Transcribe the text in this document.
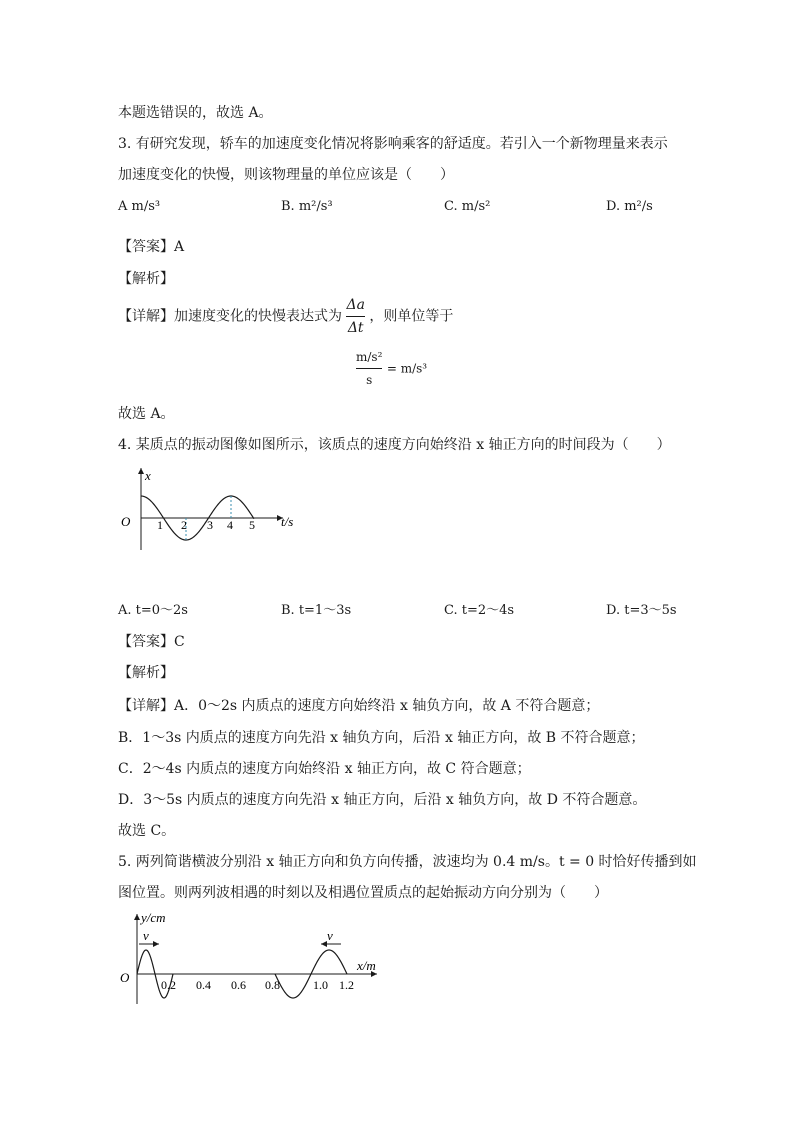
本题选错误的，故选 A。
3. 有研究发现，轿车的加速度变化情况将影响乘客的舒适度。若引入一个新物理量来表示
加速度变化的快慢，则该物理量的单位应该是（　　）
A m/s³	B. m²/s³	C. m/s²	D. m²/s
【答案】A
【解析】
【详解】加速度变化的快慢表达式为 $\frac{\Delta a}{\Delta t}$ ，则单位等于
$\frac{\text{m/s²}}{s} = m/s^3$
故选 A。
4. 某质点的振动图像如图所示，该质点的速度方向始终沿 x 轴正方向的时间段为（　　）
x
O	t/s
1 2 3 4 5
A. t=0～2s	B. t=1～3s	C. t=2～4s	D. t=3～5s
【答案】C
【解析】
【详解】A．0～2s 内质点的速度方向始终沿 x 轴负方向，故 A 不符合题意；
B．1～3s 内质点的速度方向先沿 x 轴负方向，后沿 x 轴正方向，故 B 不符合题意；
C．2～4s 内质点的速度方向始终沿 x 轴正方向，故 C 符合题意；
D．3～5s 内质点的速度方向先沿 x 轴正方向，后沿 x 轴负方向，故 D 不符合题意。
故选 C。
5. 两列简谐横波分别沿 x 轴正方向和负方向传播，波速均为 0.4 m/s。t = 0 时恰好传播到如
图位置。则两列波相遇的时刻以及相遇位置质点的起始振动方向分别为（　　）
v	v
y/cm
x/m
O	0.2 0.4 0.6 0.8	1.0 1.2
